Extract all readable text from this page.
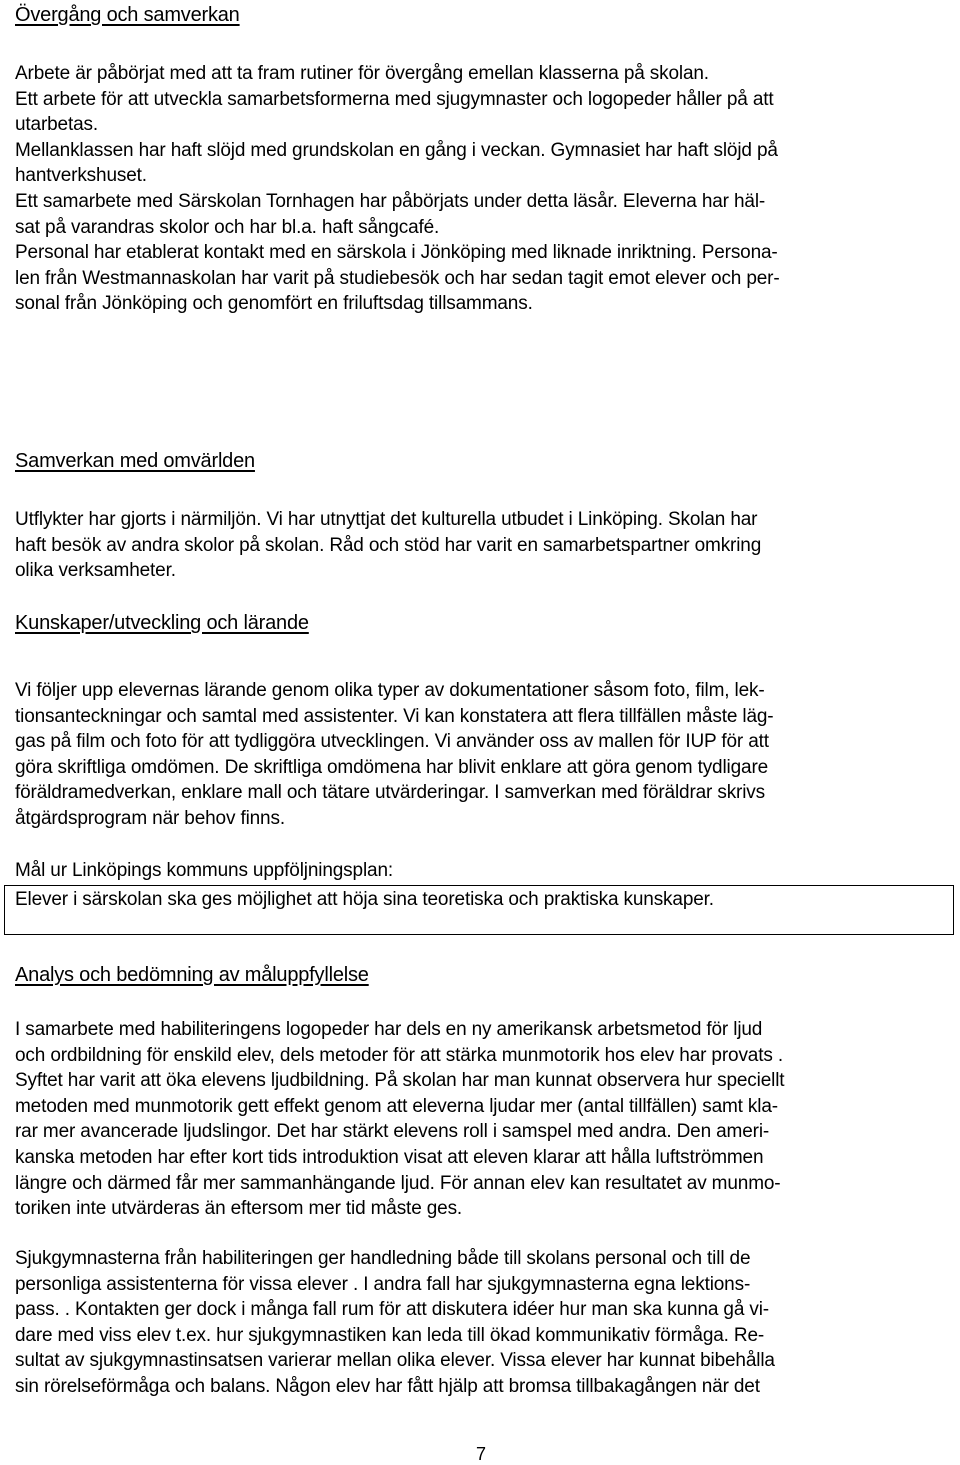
Övergång och samverkan

Arbete är påbörjat med att ta fram rutiner för övergång emellan klasserna på skolan.
Ett arbete för att utveckla samarbetsformerna med sjugymnaster och logopeder håller på att
utarbetas.
Mellanklassen har haft slöjd med grundskolan en gång i veckan. Gymnasiet har haft slöjd på
hantverkshuset.
Ett samarbete med Särskolan Tornhagen har påbörjats under detta läsår. Eleverna har häl-
sat på varandras skolor och har bl.a. haft sångcafé.
Personal har etablerat kontakt med en särskola i Jönköping med liknade inriktning. Persona-
len från Westmannaskolan har varit på studiebesök och har sedan tagit emot elever och per-
sonal från Jönköping och genomfört en friluftsdag tillsammans.

Samverkan med omvärlden

Utflykter har gjorts i närmiljön. Vi har utnyttjat det kulturella utbudet i Linköping. Skolan har
haft besök av andra skolor på skolan. Råd och stöd har varit en samarbetspartner omkring
olika verksamheter.

Kunskaper/utveckling och lärande

Vi följer upp elevernas lärande genom olika typer av dokumentationer såsom foto, film, lek-
tionsanteckningar och samtal med assistenter. Vi kan konstatera att flera tillfällen måste läg-
gas på film och foto för att tydliggöra utvecklingen. Vi använder oss av mallen för IUP för att
göra skriftliga omdömen. De skriftliga omdömena har blivit enklare att göra genom tydligare
föräldramedverkan, enklare mall och tätare utvärderingar. I samverkan med föräldrar skrivs
åtgärdsprogram när behov finns.

Mål ur Linköpings kommuns uppföljningsplan:

Elever i särskolan ska ges möjlighet att höja sina teoretiska och praktiska kunskaper.

Analys och bedömning av måluppfyllelse

I samarbete med habiliteringens logopeder har dels en ny amerikansk arbetsmetod för ljud
och ordbildning för enskild elev, dels metoder för att stärka munmotorik hos elev har provats .
Syftet har varit att öka elevens ljudbildning. På skolan har man kunnat observera hur speciellt
metoden med munmotorik gett effekt genom att eleverna ljudar mer (antal tillfällen) samt kla-
rar mer avancerade ljudslingor. Det har stärkt elevens roll i samspel med andra. Den ameri-
kanska metoden har efter kort tids introduktion visat att eleven klarar att hålla luftströmmen
längre och därmed får mer sammanhängande ljud. För annan elev kan resultatet av munmo-
toriken inte utvärderas än eftersom mer tid måste ges.

Sjukgymnasterna från habiliteringen ger handledning både till skolans personal och till de
personliga assistenterna för vissa elever . I andra fall har sjukgymnasterna egna lektions-
pass. . Kontakten ger dock i många fall rum för att diskutera idéer hur man ska kunna gå vi-
dare med viss elev t.ex. hur sjukgymnastiken kan leda till ökad kommunikativ förmåga. Re-
sultat av sjukgymnastinsatsen varierar mellan olika elever. Vissa elever har kunnat bibehålla
sin rörelseförmåga och balans. Någon elev har fått hjälp att bromsa tillbakagången när det

7
